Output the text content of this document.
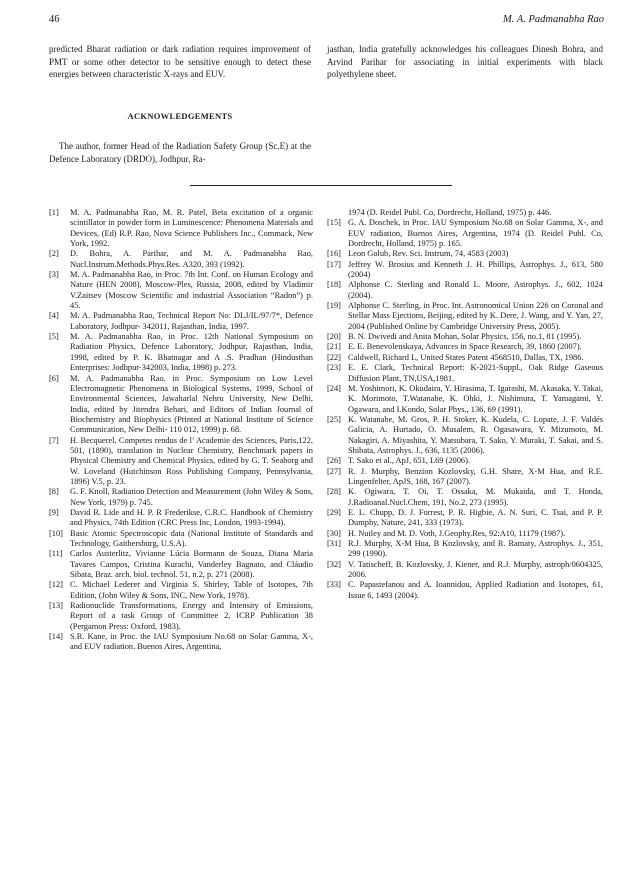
46	M. A. Padmanabha Rao
predicted Bharat radiation or dark radiation requires improvement of PMT or some other detector to be sensitive enough to detect these energies between characteristic X-rays and EUV.
jasthan, India gratefully acknowledges his colleagues Dinesh Bohra, and Arvind Parihar for associating in initial experiments with black polyethylene sheet.
ACKNOWLEDGEMENTS
The author, former Head of the Radiation Safety Group (Sc.E) at the Defence Laboratory (DRDO), Jodhpur, Ra-
[1]	M. A. Padmanabha Rao, M. R. Patel, Beta excitation of a organic scintillator in powder form in Luminescence: Phenomena Materials and Devices, (Ed) R.P. Rao, Nova Science Publishers Inc., Commack, New York, 1992.
[2]	D. Bohra, A. Parihar, and M. A. Padmanabha Rao, Nucl.Instrum.Methods.Phys.Res. A320, 393 (1992).
[3]	M. A. Padmanabha Rao, in Proc. 7th Int. Conf. on Human Ecology and Nature (HEN 2008), Moscow-Ples, Russia, 2008, edited by Vladimir V.Zaitsev (Moscow Scientific and industrial Association “Radon”) p. 45.
[4]	M. A. Padmanabha Rao, Technical Report No: DLJ/IL/97/7*, Defence Laboratory, Jodhpur- 342011, Rajasthan, India, 1997.
[5]	M. A. Padmanabha Rao, in Proc. 12th National Symposium on Radiation Physics, Defence Laboratory, Jodhpur, Rajasthan, India, 1998, edited by P. K. Bhatnagar and A .S. Pradhan (Hindusthan Enterprises: Jodhpur-342003, India, 1998) p. 273.
[6]	M. A. Padmanabha Rao. in Proc. Symposium on Low Level Electromagnetic Phenomena in Biological Systems, 1999, School of Environmental Sciences, Jawaharlal Nehru University, New Delhi, India, edited by Jitendra Behari, and Editors of Indian Journal of Biochemistry and Biophysics (Printed at National Institute of Science Communication, New Delhi- 110 012, 1999) p. 68.
[7]	H. Becquerel, Competes rendus de l’ Academie des Sciences, Paris,122, 501, (1890), translation in Nuclear Chemistry, Benchmark papers in Physical Chemistry and Chemical Physics, edited by G. T. Seaborg and W. Loveland (Hutchinson Ross Publishing Company, Pennsylvania, 1896) V.5, p. 23.
[8]	G. F. Knoll, Radiation Detection and Measurement (John Wiley & Sons, New York, 1979) p. 745.
[9]	David R. Lide and H. P. R Frederikse, C.R.C. Handbook of Chemistry and Physics, 74th Edition (CRC Press Inc, London, 1993-1994).
[10] Basic Atomic Spectroscopic data (National Institute of Standards and Technology, Gaithersburg, U.S.A).
[11] Carlos Austerlitz, Vivianne Lúcia Bormann de Souza, Diana Maria Tavares Campos, Cristina Kurachi, Vanderley Bagnato, and Cláudio Sibata, Braz. arch. biol. technol. 51, n.2, p. 271 (2008).
[12] C. Michael Lederer and Virginia S. Shirley, Table of Isotopes, 7th Edition, (John Wiley & Sons, INC, New York, 1978).
[13] Radionuclide Transformations, Energy and Intensity of Emissions, Report of a task Group of Committee 2, ICRP Publication 38 (Pergamon Press: Oxford, 1983).
[14] S.R. Kane, in Proc. the IAU Symposium No.68 on Solar Gamma, X-, and EUV radiation. Buenos Aires, Argentina,
1974 (D. Reidel Publ. Co, Dordrecht, Holland, 1975) p. 446.
[15] G. A. Doschek, in Proc. IAU Symposium No.68 on Solar Gamma, X-, and EUV radiation, Buenos Aires, Argentina, 1974 (D. Reidel Publ. Co, Dordrecht, Holland, 1975) p. 165.
[16] Leon Golub, Rev. Sci. Instrum, 74, 4583 (2003)
[17] Jeffrey W. Brosius and Kenneth J. H. Phillips, Astrophys. J., 613, 580 (2004)
[18] Alphonse C. Sterling and Ronald L. Moore, Astrophys. J., 602, 1024 (2004).
[19] Alphonse C. Sterling, in Proc. Int. Astronomical Union 226 on Coronal and Stellar Mass Ejections, Beijing, edited by K. Dere, J. Wang, and Y. Yan, 27, 2004 (Published Online by Cambridge University Press, 2005).
[20] B. N. Dwivedi and Anita Mohan, Solar Physics, 156, no.1, 81 (1995).
[21] E. E. Benevolenskaya, Advances in Space Research, 39, 1860 (2007).
[22] Caldwell, Richard L, United States Patent 4568510, Dallas, TX, 1986.
[23] E. E. Clark, Technical Report: K-2021-Suppl., Oak Ridge Gaseous Diffusion Plant, TN,USA,1981.
[24] M. Yoshimori, K. Okudaira, Y. Hirasima, T. Igarashi, M. Akasaka, Y. Takai, K. Morimoto, T.Watanabe, K. Ohki, J. Nishimura, T. Yamagami, Y. Ogawara, and I.Kondo, Solar Phys., 136, 69 (1991).
[25] K. Watanabe, M. Gros, P. H. Stoker, K. Kudela, C. Lopate, J. F. Valdés Galicia, A. Hurtado, O. Musalem, R. Ogasawara, Y. Mizumoto, M. Nakagiri, A. Miyashita, Y. Matsubara, T. Sako, Y. Muraki, T. Sakai, and S. Shibata, Astrophys. J., 636, 1135 (2006).
[26] T. Sako et al., ApJ, 651, L69 (2006).
[27] R. J. Murphy, Benzion Kozlovsky, G.H. Share, X-M Hua, and R.E. Lingenfelter, ApJS, 168, 167 (2007).
[28] K. Ogiwara, T. Oi, T. Ossaka, M. Mukaida, and T. Honda, J.Radioanal.Nucl.Chem, 191, No.2, 273 (1995).
[29] E. L. Chupp, D. J. Forrest, P. R. Higbie, A. N. Suri, C. Tsai, and P. P. Dumphy, Nature, 241, 333 (1973).
[30] H. Nutley and M. D. Voth, J.Geophy.Res, 92:A10, 11179 (1987).
[31] R.J. Murphy, X-M Hua, B Kozlovsky, and R. Ramaty, Astrophys. J., 351, 299 (1990).
[32] V. Tatischeff, B. Kozlovsky, J. Kiener, and R.J. Murphy, astroph/0604325, 2006.
[33] C. Papastefanou and A. Ioannidou, Applied Radiation and Isotopes, 61, Issue 6, 1493 (2004).
